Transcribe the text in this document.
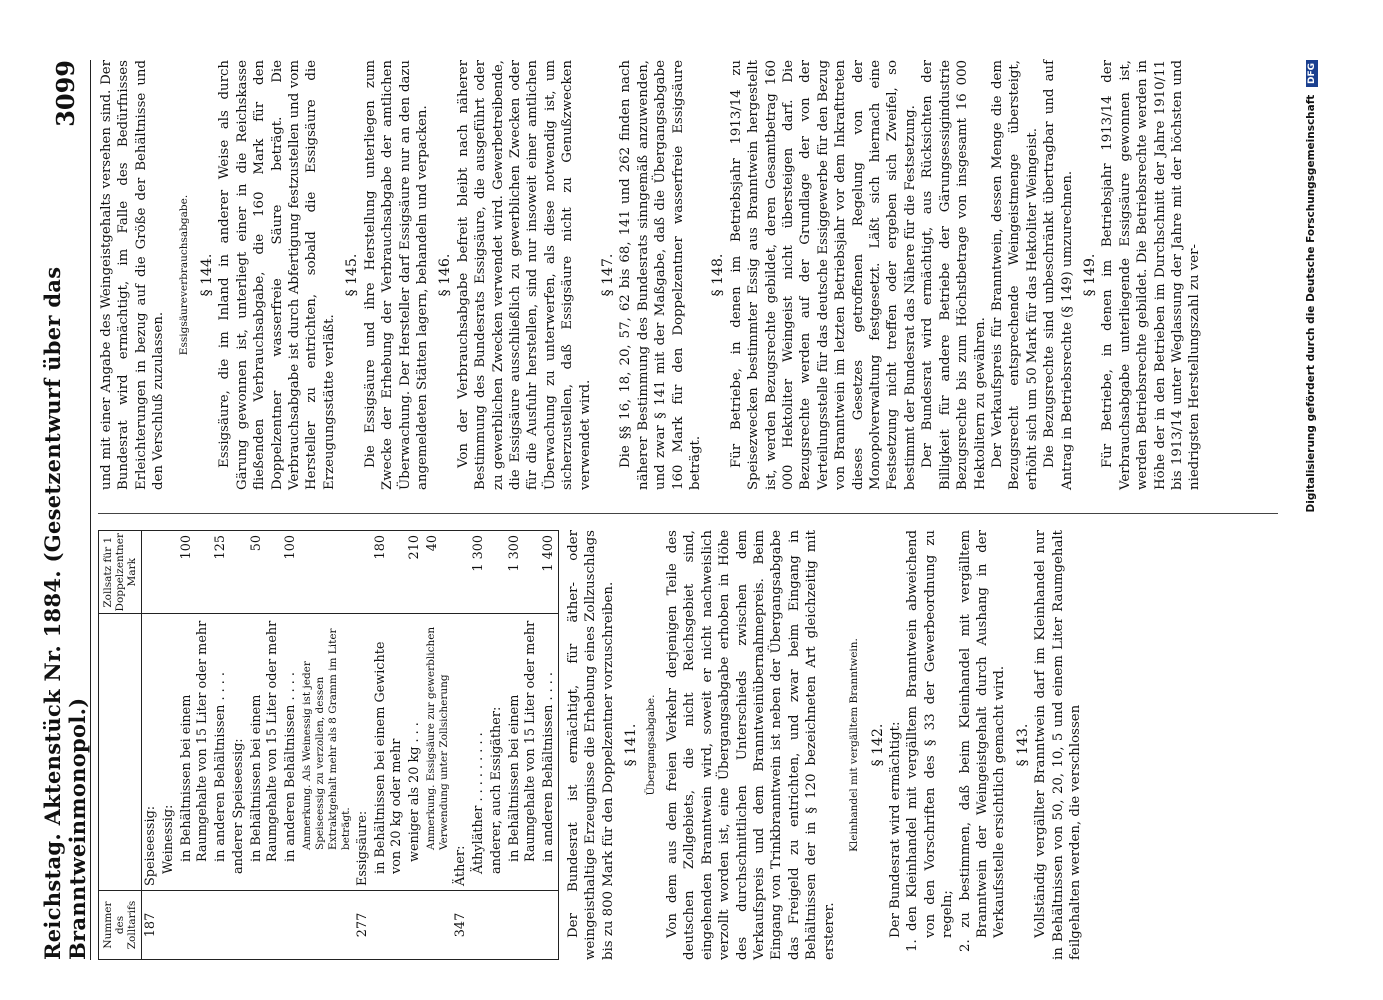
Reichstag. Aktenstück Nr. 1884. (Gesetzentwurf über das Branntweinmonopol.)
3099
Nummer des Zolltarifs		Zollsatz für 1 Doppelzentner Mark
187	Speiseessig:	

	Weinessig:	

	in Behältnissen bei einem Raumgehalte von 15 Liter oder mehr	100

	in anderen Behältnissen . . . .	125

	anderer Speiseessig:	

	in Behältnissen bei einem Raumgehalte von 15 Liter oder mehr	50

	in anderen Behältnissen . . . .	100

	Anmerkung. Als Weinessig ist jeder Speiseessig zu verzollen, dessen Extraktgehalt mehr als 8 Gramm im Liter beträgt.	

277	Essigsäure:	

	in Behältnissen bei einem Gewichte von 20 kg oder mehr	180

	weniger als 20 kg . . .	210

	Anmerkung. Essigsäure zur gewerblichen Verwendung unter Zollsicherung	40
347	Äther:	

	Äthyläther . . . . . . . . .	1 300

	anderer, auch Essigäther:	

	in Behältnissen bei einem Raumgehalte von 15 Liter oder mehr	1 300

	in anderen Behältnissen . . . .	1 400 Der Bundesrat ist ermächtigt, für äther- oder weingeisthaltige Erzeugnisse die Erhebung eines Zollzuschlags bis zu 800 Mark für den Doppelzentner vorzuschreiben. § 141. Übergangsabgabe. Von dem aus dem freien Verkehr derjenigen Teile des deutschen Zollgebiets, die nicht Reichsgebiet sind, eingehenden Branntwein wird, soweit er nicht nachweislich verzollt worden ist, eine Übergangsabgabe erhoben in Höhe des durchschnittlichen Unterschieds zwischen dem Verkaufspreis und dem Branntweinübernahmepreis. Beim Eingang von Trinkbranntwein ist neben der Übergangsabgabe das Freigeld zu entrichten, und zwar beim Eingang in Behältnissen der in § 120 bezeichneten Art gleichzeitig mit ersterer.

Kleinhandel mit vergälltem Branntwein. § 142. Der Bundesrat wird ermächtigt: 1. den Kleinhandel mit vergälltem Branntwein abweichend von den Vorschriften des § 33 der Gewerbeordnung zu regeln; 2. zu bestimmen, daß beim Kleinhandel mit vergälltem Branntwein der Weingeistgehalt durch Aushang in der Verkaufsstelle ersichtlich gemacht wird. § 143. Vollständig vergällter Branntwein darf im Kleinhandel nur in Behältnissen von 50, 20, 10, 5 und einem Liter Raumgehalt feilgehalten werden, die verschlossen

und mit einer Angabe des Weingeistgehalts versehen sind. Der Bundesrat wird ermächtigt, im Falle des Bedürfnisses Erleichterungen in bezug auf die Größe der Behältnisse und den Verschluß zuzulassen.

Essigsäureverbrauchsabgabe. § 144. Essigsäure, die im Inland in anderer Weise als durch Gärung gewonnen ist, unterliegt einer in die Reichskasse fließenden Verbrauchsabgabe, die 160 Mark für den Doppelzentner wasserfreie Säure beträgt. Die Verbrauchsabgabe ist durch Abfertigung festzustellen und vom Hersteller zu entrichten, sobald die Essigsäure die Erzeugungsstätte verläßt.

§ 145. Die Essigsäure und ihre Herstellung unterliegen zum Zwecke der Erhebung der Verbrauchsabgabe der amtlichen Überwachung. Der Hersteller darf Essigsäure nur an den dazu angemeldeten Stätten lagern, behandeln und verpacken. § 146. Von der Verbrauchsabgabe befreit bleibt nach näherer Bestimmung des Bundesrats Essigsäure, die ausgeführt oder zu gewerblichen Zwecken verwendet wird. Gewerbetreibende, die Essigsäure ausschließlich zu gewerblichen Zwecken oder für die Ausfuhr herstellen, sind nur insoweit einer amtlichen Überwachung zu unterwerfen, als diese notwendig ist, um sicherzustellen, daß Essigsäure nicht zu Genußzwecken verwendet wird.

§ 147. Die §§ 16, 18, 20, 57, 62 bis 68, 141 und 262 finden nach näherer Bestimmung des Bundesrats sinngemäß anzuwenden, und zwar § 141 mit der Maßgabe, daß die Übergangsabgabe 160 Mark für den Doppelzentner wasserfreie Essigsäure beträgt.

§ 148. Für Betriebe, in denen im Betriebsjahr 1913/14 zu Speisezwecken bestimmter Essig aus Branntwein hergestellt ist, werden Bezugsrechte gebildet, deren Gesamtbetrag 160 000 Hektoliter Weingeist nicht übersteigen darf. Die Bezugsrechte werden auf der Grundlage der von der Verteilungsstelle für das deutsche Essiggewerbe für den Bezug von Branntwein im letzten Betriebsjahr vor dem Inkrafttreten dieses Gesetzes getroffenen Regelung von der Monopolverwaltung festgesetzt. Läßt sich hiernach eine Festsetzung nicht treffen oder ergeben sich Zweifel, so bestimmt der Bundesrat das Nähere für die Festsetzung. Der Bundesrat wird ermächtigt, aus Rücksichten der Billigkeit für andere Betriebe der Gärungsessigindustrie Bezugsrechte bis zum Höchstbetrage von insgesamt 16 000 Hektolitern zu gewähren. Der Verkaufspreis für Branntwein, dessen Menge die dem Bezugsrecht entsprechende Weingeistmenge übersteigt, erhöht sich um 50 Mark für das Hektoliter Weingeist. Die Bezugsrechte sind unbeschränkt übertragbar und auf Antrag in Betriebsrechte (§ 149) umzurechnen. § 149. Für Betriebe, in denen im Betriebsjahr 1913/14 der Verbrauchsabgabe unterliegende Essigsäure gewonnen ist, werden Betriebsrechte gebildet. Die Betriebsrechte werden in Höhe der in den Betrieben im Durchschnitt der Jahre 1910/11 bis 1913/14 unter Weglassung der Jahre mit der höchsten und niedrigsten Herstellungszahl zu ver-	Digitalisierung gefördert durch die Deutsche Forschungsgemeinschaft DFG
